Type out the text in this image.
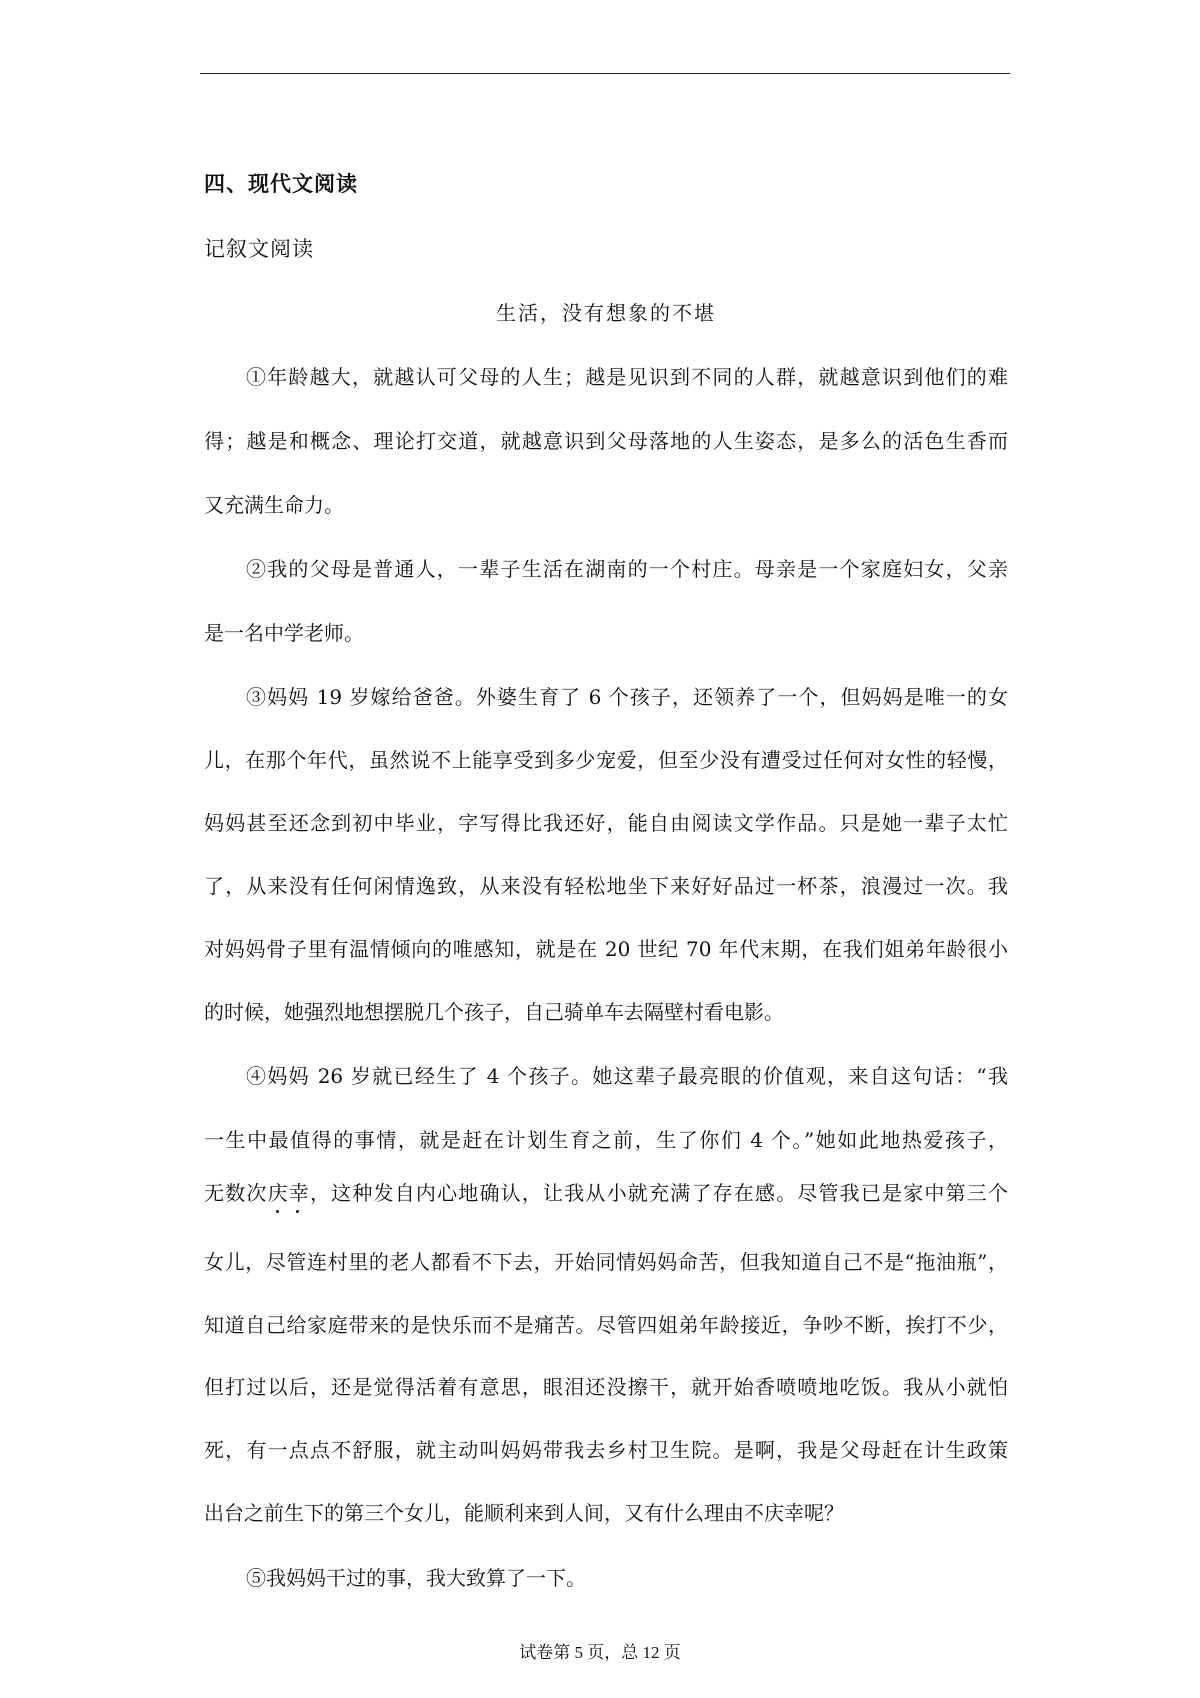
四、现代文阅读
记叙文阅读
生活，没有想象的不堪
①年龄越大，就越认可父母的人生；越是见识到不同的人群，就越意识到他们的难
得；越是和概念、理论打交道，就越意识到父母落地的人生姿态，是多么的活色生香而
又充满生命力。
②我的父母是普通人，一辈子生活在湖南的一个村庄。母亲是一个家庭妇女，父亲
是一名中学老师。
③妈妈 19 岁嫁给爸爸。外婆生育了 6 个孩子，还领养了一个，但妈妈是唯一的女
儿，在那个年代，虽然说不上能享受到多少宠爱，但至少没有遭受过任何对女性的轻慢，
妈妈甚至还念到初中毕业，字写得比我还好，能自由阅读文学作品。只是她一辈子太忙
了，从来没有任何闲情逸致，从来没有轻松地坐下来好好品过一杯茶，浪漫过一次。我
对妈妈骨子里有温情倾向的唯感知，就是在 20 世纪 70 年代末期，在我们姐弟年龄很小
的时候，她强烈地想摆脱几个孩子，自己骑单车去隔壁村看电影。
④妈妈 26 岁就已经生了 4 个孩子。她这辈子最亮眼的价值观，来自这句话：“我
一生中最值得的事情，就是赶在计划生育之前，生了你们 4 个。”她如此地热爱孩子，
无数次庆幸，这种发自内心地确认，让我从小就充满了存在感。尽管我已是家中第三个
女儿，尽管连村里的老人都看不下去，开始同情妈妈命苦，但我知道自己不是“拖油瓶”，
知道自己给家庭带来的是快乐而不是痛苦。尽管四姐弟年龄接近，争吵不断，挨打不少，
但打过以后，还是觉得活着有意思，眼泪还没擦干，就开始香喷喷地吃饭。我从小就怕
死，有一点点不舒服，就主动叫妈妈带我去乡村卫生院。是啊，我是父母赶在计生政策
出台之前生下的第三个女儿，能顺利来到人间，又有什么理由不庆幸呢？
⑤我妈妈干过的事，我大致算了一下。
试卷第 5 页，总 12 页
